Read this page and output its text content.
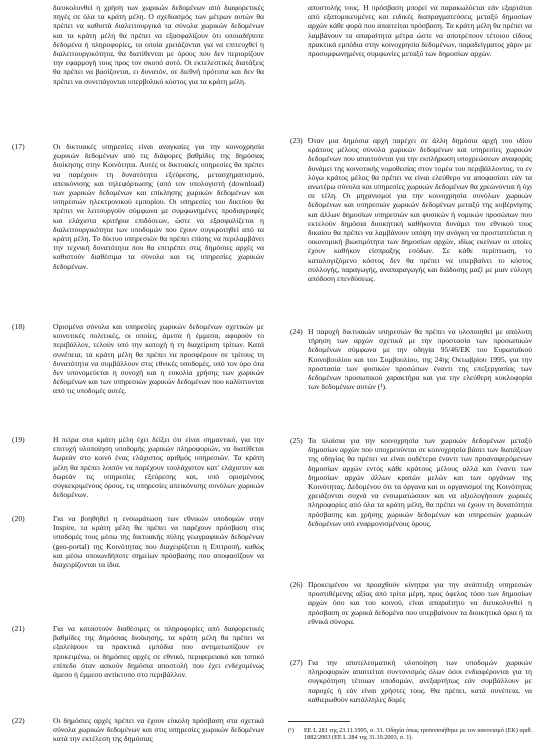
διευκολυνθεί η χρήση των χωρικών δεδομένων από διαφορετικές πηγές σε όλα τα κράτη μέλη. Ο σχεδιασμός των μέτρων αυτών θα πρέπει να καθιστά διαλειτουργικά τα σύνολα χωρικών δεδομένων και τα κράτη μέλη θα πρέπει να εξασφαλίζουν ότι οποιαδήποτε δεδομένα ή πληροφορίες, τα οποία χρειάζονται για να επιτευχθεί η διαλειτουργικότητα, θα διατίθενται με όρους που δεν περιορίζουν την εφαρμογή τους προς τον σκοπό αυτό. Οι εκτελεστικές διατάξεις θα πρέπει να βασίζονται, ει δυνατόν, σε διεθνή πρότυπα και δεν θα πρέπει να συνεπάγονται υπερβολικό κόστος για τα κράτη μέλη.
(17)	Οι δικτυακές υπηρεσίες είναι αναγκαίες για την κοινοχρησία χωρικών δεδομένων από τις διάφορες βαθμίδες της δημόσιας διοίκησης στην Κοινότητα. Αυτές οι δικτυακές υπηρεσίες θα πρέπει να παρέχουν τη δυνατότητα εξεύρεσης, μετασχηματισμού, απεικόνισης και τηλεφόρτωσης (από τον υπολογιστή (download) των χωρικών δεδομένων και επίκλησης χωρικών δεδομένων και υπηρεσιών ηλεκτρονικού εμπορίου. Οι υπηρεσίες του δικτύου θα πρέπει να λειτουργούν σύμφωνα με συμφωνημένες προδιαγραφές και ελάχιστα κριτήρια επιδόσεων, ώστε να εξασφαλίζεται η διαλειτουργικότητα των υποδομών που έχουν συγκροτηθεί από τα κράτη μέλη. Το δίκτυο υπηρεσιών θα πρέπει επίσης να περιλαμβάνει την τεχνική δυνατότητα που θα επιτρέπει στις δημόσιες αρχές να καθιστούν διαθέσιμα τα σύνολα και τις υπηρεσίες χωρικών δεδομένων.
(18)	Ορισμένα σύνολα και υπηρεσίες χωρικών δεδομένων σχετικών με κοινοτικές πολιτικές, οι οποίες, άμεσα ή έμμεσα, αφορούν το περιβάλλον, τελούν υπό την κατοχή ή τη διαχείριση τρίτων. Κατά συνέπεια, τα κράτη μέλη θα πρέπει να προσφέρουν σε τρίτους τη δυνατότητα να συμβάλλουν στις εθνικές υποδομές, υπό τον όρο ότα δεν υπονομεύεται η συνοχή και η ευκολία χρήσης των χωρικών δεδομένων και των υπηρεσιών χωρικών δεδομένων που καλύπτονται από τις υποδομές αυτές.
(19)	Η πείρα στα κράτη μέλη έχει δείξει ότι είναι σημαντικό, για την επιτυχή υλοποίηση υποδομής χωρικών πληροφοριών, να διατίθεται δωρεάν στο κοινό ένας ελάχιστος αριθμός υπηρεσιών. Τα κράτη μέλη θα πρέπει λοιπόν να παρέχουν τουλάχιστον κατ' ελάχιστον και δωρεάν τις υπηρεσίες εξεύρεσης και, υπό ορισμένους συγκεκριμένους όρους, τις υπηρεσίες απεικόνισης συνόλων χωρικών δεδομένων.
(20)	Για να βοηθηθεί η ενσωμάτωση των εθνικών υποδομών στην Inspire, τα κράτη μέλη θα πρέπει να παρέχουν πρόσβαση στις υποδομές τους μέσω της δικτυακής πύλης γεωγραφικών δεδομένων (geo-portal) της Κοινότητας που διαχειρίζεται η Επιτροπή, καθώς και μέσω οποιωνδήποτε σημείων πρόσβασης που αποφασίζουν να διαχειρίζονται τα ίδια.
(21)	Για να καταστούν διαθέσιμες οι πληροφορίες από διαφορετικές βαθμίδες της δημόσιας διοίκησης, τα κράτη μέλη θα πρέπει να εξαλείψουν τα πρακτικά εμπόδια που αντιμετωπίζουν εν προκειμένω, οι δημόσιες αρχές σε εθνικό, περιφερειακό και τοπικό επίπεδο όταν ασκούν δημόσια αποστολή που έχει ενδεχομένως άμεσο ή έμμεσο αντίκτυπο στο περιβάλλον.
(22)	Οι δημόσιες αρχές πρέπει να έχουν εύκολη πρόσβαση στα σχετικά σύνολα χωρικών δεδομένων και στις υπηρεσίες χωρικών δεδομένων κατά την εκτέλεση της δημόσιας
αποστολής τους. Η πρόσβαση μπορεί να παρακωλύεται εάν εξαρτάται από εξατομικευμένες και ειδικές διαπραγματεύσεις μεταξύ δημοσίων αρχών κάθε φορά που απαιτείται πρόσβαση. Τα κράτη μέλη θα πρέπει να λαμβάνουν τα απαραίτητα μέτρα ώστε να αποτρέπουν τέτοιου είδους πρακτικά εμπόδια στην κοινοχρησία δεδομένων, παραδείγματος χάριν με προσυμφωνημένες συμφωνίες μεταξύ των δημοσίων αρχών.
(23) Όταν μια δημόσια αρχή παρέχει σε άλλη δημόσια αρχή του ιδίου κράτους μέλους σύνολα χωρικών δεδομένων και υπηρεσίες χωρικών δεδομένων που απαιτούνται για την εκπλήρωση υποχρεώσεων αναφοράς δυνάμει της κοινοτικής νομοθεσίας στον τομέα του περιβάλλοντος, το εν λόγω κράτος μέλος θα πρέπει να είναι ελεύθερο να αποφασίσει εάν τα ανωτέρω σύνολα και υπηρεσίες χωρικών δεδομένων θα χρεώνονται ή όχι σε τέλη. Οι μηχανισμοί για την κοινοχρησία συνόλων χωρικών δεδομένων και υπηρεσιών χωρικών δεδομένων μεταξύ της κυβέρνησης και άλλων δημοσίων υπηρεσιών και φυσικών ή νομικών προσώπων που εκτελούν δημόσια διοικητική καθήκοντα δυνάμει του εθνικού τους δικαίου θα πρέπει να λαμβάνουν υπόψη την ανάγκη να προστατεύεται η οικονομική βιωσιμότητα των δημοσίων αρχών, ιδίως εκείνων οι οποίες έχουν καθήκον είσπραξης εσόδων. Σε κάθε περίπτωση, το καταλογιζόμενο κόστος δεν θα πρέπει να υπερβαίνει το κόστος συλλογής, παραγωγής, αναπαραγωγής και διάδοσης μαζί με μιαν εύλογη απόδοση επενδύσεως.
(24) Η παροχή δικτυακών υπηρεσιών θα πρέπει να υλοποιηθεί με απόλυτη τήρηση των αρχών σχετικά με την προστασία των προσωπικών δεδομένων σύμφωνα με την οδηγία 95/46/ΕΚ του Ευρωπαϊκού Κοινοβουλίου και του Συμβουλίου, της 24ης Οκτωβρίου 1995, για την προστασία των φυσικών προσώπων έναντι της επεξεργασίας των δεδομένων προσωπικού χαρακτήρα και για την ελεύθερη κυκλοφορία των δεδομένων αυτών (¹).
(25) Τα πλαίσια για την κοινοχρησία των χωρικών δεδομένων μεταξύ δημοσίων αρχών που υποχρεούνται σε κοινοχρησία βάσει των διατάξεων της οδηγίας θα πρέπει να είναι ουδέτερα έναντι των προαναφερόμενων δημοσίων αρχών εντός κάθε κράτους μέλους αλλά και έναντι των δημοσίων αρχών άλλων κρατών μελών και των οργάνων της Κοινότητας. Δεδομένου ότι τα όργανα και οι οργανισμοί της Κοινότητας χρειάζονται συχνά να ενσωματώσουν και να αξιολογήσουν χωρικές πληροφορίες από όλα τα κράτη μέλη, θα πρέπει να έχουν τη δυνατότητα πρόσβασης και χρήσης χωρικών δεδομένων και υπηρεσιών χωρικών δεδομένων υπό εναρμονισμένους όρους.
(26) Προκειμένου να προαχθούν κίνητρα για την ανάπτυξη υπηρεσιών προστιθέμενης αξίας από τρίτα μέρη, προς όφελος τόσο των δημοσίων αρχών όσο και του κοινού, είναι απαραίτητο να διευκολυνθεί η πρόσβαση σε χωρικά δεδομένα που υπερβαίνουν τα διοικητικά όρια ή τα εθνικά σύνορα.
(27) Για την αποτελεσματική υλοποίηση των υποδομών χωρικών πληροφοριών απαιτείται συντονισμός όλων όσοι ενδιαφέρονται για τη συγκρότηση τέτοιων υποδομών, ανεξαρτήτως εάν συμβάλλουν με παροχές ή εάν είναι χρήστες τους. Θα πρέπει, κατά συνέπεια, να καθιερωθούν κατάλληλες δομές
(¹) ΕΕ L 281 της 23.11.1995, σ. 31. Οδηγία όπως τροποποιήθηκε με τον κανονισμό (ΕΚ) αριθ. 1882/2003 (ΕΕ L 284 της 31.10.2003, σ. 1).
